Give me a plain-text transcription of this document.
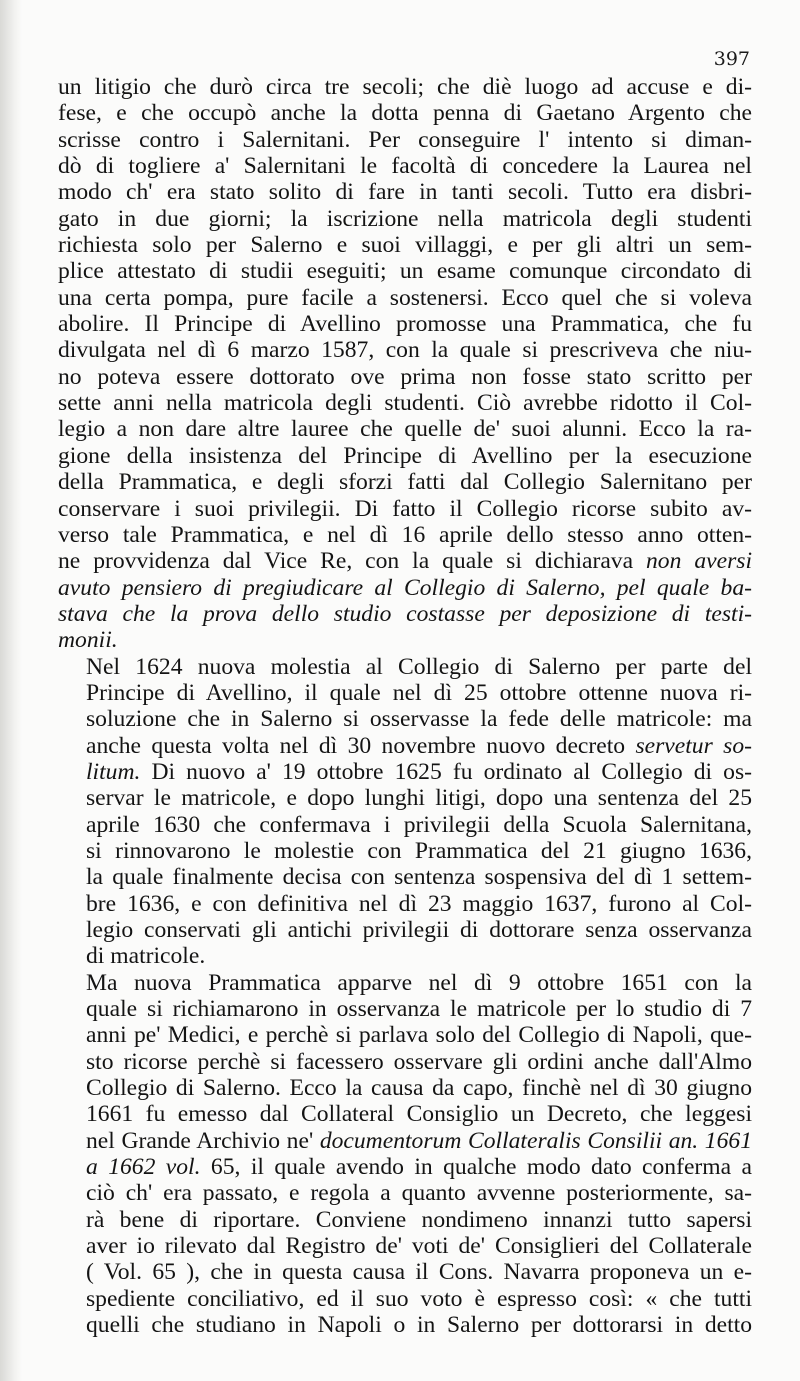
397

un litigio che durò circa tre secoli; che diè luogo ad accuse e di-
fese, e che occupò anche la dotta penna di Gaetano Argento che
scrisse contro i Salernitani. Per conseguire l' intento si diman-
dò di togliere a' Salernitani le facoltà di concedere la Laurea nel
modo ch' era stato solito di fare in tanti secoli. Tutto era disbri-
gato in due giorni; la iscrizione nella matricola degli studenti
richiesta solo per Salerno e suoi villaggi, e per gli altri un sem-
plice attestato di studii eseguiti; un esame comunque circondato di
una certa pompa, pure facile a sostenersi. Ecco quel che si voleva
abolire. Il Principe di Avellino promosse una Prammatica, che fu
divulgata nel dì 6 marzo 1587, con la quale si prescriveva che niu-
no poteva essere dottorato ove prima non fosse stato scritto per
sette anni nella matricola degli studenti. Ciò avrebbe ridotto il Col-
legio a non dare altre lauree che quelle de' suoi alunni. Ecco la ra-
gione della insistenza del Principe di Avellino per la esecuzione
della Prammatica, e degli sforzi fatti dal Collegio Salernitano per
conservare i suoi privilegii. Di fatto il Collegio ricorse subito av-
verso tale Prammatica, e nel dì 16 aprile dello stesso anno otten-
ne provvidenza dal Vice Re, con la quale si dichiarava non aversi
avuto pensiero di pregiudicare al Collegio di Salerno, pel quale ba-
stava che la prova dello studio costasse per deposizione di testi-
monii.

Nel 1624 nuova molestia al Collegio di Salerno per parte del
Principe di Avellino, il quale nel dì 25 ottobre ottenne nuova ri-
soluzione che in Salerno si osservasse la fede delle matricole: ma
anche questa volta nel dì 30 novembre nuovo decreto servetur so-
litum. Di nuovo a' 19 ottobre 1625 fu ordinato al Collegio di os-
servar le matricole, e dopo lunghi litigi, dopo una sentenza del 25
aprile 1630 che confermava i privilegii della Scuola Salernitana,
si rinnovarono le molestie con Prammatica del 21 giugno 1636,
la quale finalmente decisa con sentenza sospensiva del dì 1 settem-
bre 1636, e con definitiva nel dì 23 maggio 1637, furono al Col-
legio conservati gli antichi privilegii di dottorare senza osservanza
di matricole.

Ma nuova Prammatica apparve nel dì 9 ottobre 1651 con la
quale si richiamarono in osservanza le matricole per lo studio di 7
anni pe' Medici, e perchè si parlava solo del Collegio di Napoli, que-
sto ricorse perchè si facessero osservare gli ordini anche dall'Almo
Collegio di Salerno. Ecco la causa da capo, finchè nel dì 30 giugno
1661 fu emesso dal Collateral Consiglio un Decreto, che leggesi
nel Grande Archivio ne' documentorum Collateralis Consilii an. 1661
a 1662 vol. 65, il quale avendo in qualche modo dato conferma a
ciò ch' era passato, e regola a quanto avvenne posteriormente, sa-
rà bene di riportare. Conviene nondimeno innanzi tutto sapersi
aver io rilevato dal Registro de' voti de' Consiglieri del Collaterale
( Vol. 65 ), che in questa causa il Cons. Navarra proponeva un e-
spediente conciliativo, ed il suo voto è espresso così: « che tutti
quelli che studiano in Napoli o in Salerno per dottorarsi in detto
